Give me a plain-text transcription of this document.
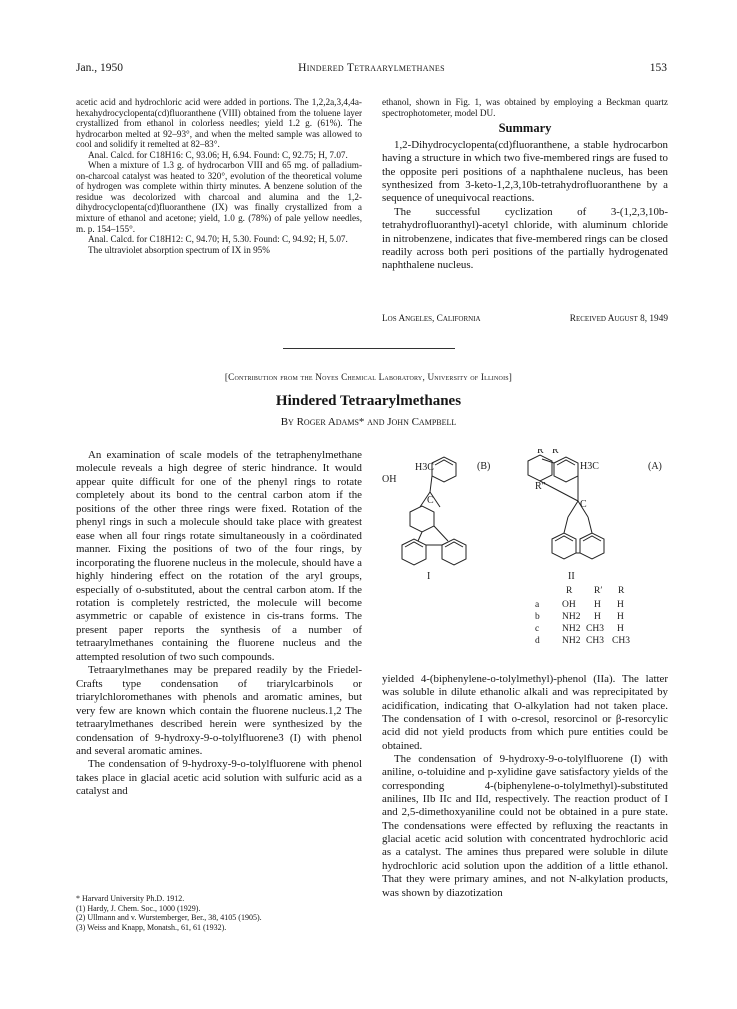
Jan., 1950	Hindered Tetraarylmethanes	153

acetic acid and hydrochloric acid were added in portions. The 1,2,2a,3,4,4a-hexahydrocyclopenta(cd)fluoranthene (VIII) obtained from the toluene layer crystallized from ethanol in colorless needles; yield 1.2 g. (61%). The hydrocarbon melted at 92–93°, and when the melted sample was allowed to cool and solidify it remelted at 82–83°.

Anal. Calcd. for C18H16: C, 93.06; H, 6.94. Found: C, 92.75; H, 7.07.

When a mixture of 1.3 g. of hydrocarbon VIII and 65 mg. of palladium-on-charcoal catalyst was heated to 320°, evolution of the theoretical volume of hydrogen was complete within thirty minutes. A benzene solution of the residue was decolorized with charcoal and alumina and the 1,2-dihydrocyclopenta(cd)fluoranthene (IX) was finally crystallized from a mixture of ethanol and acetone; yield, 1.0 g. (78%) of pale yellow needles, m. p. 154–155°.

Anal. Calcd. for C18H12: C, 94.70; H, 5.30. Found: C, 94.92; H, 5.07.

The ultraviolet absorption spectrum of IX in 95%

ethanol, shown in Fig. 1, was obtained by employing a Beckman quartz spectrophotometer, model DU.

Summary

1,2-Dihydrocyclopenta(cd)fluoranthene, a stable hydrocarbon having a structure in which two five-membered rings are fused to the opposite peri positions of a naphthalene nucleus, has been synthesized from 3-keto-1,2,3,10b-tetrahydrofluoranthene by a sequence of unequivocal reactions.

The successful cyclization of 3-(1,2,3,10b-tetrahydrofluoranthyl)-acetyl chloride, with aluminum chloride in nitrobenzene, indicates that five-membered rings can be closed readily across both peri positions of the partially hydrogenated naphthalene nucleus.

Los Angeles, California	Received August 8, 1949
[Contribution from the Noyes Chemical Laboratory, University of Illinois]
Hindered Tetraarylmethanes
By Roger Adams* and John Campbell

An examination of scale models of the tetraphenylmethane molecule reveals a high degree of steric hindrance. It would appear quite difficult for one of the phenyl rings to rotate completely about its bond to the central carbon atom if the positions of the other three rings were fixed. Rotation of the phenyl rings in such a molecule should take place with greatest ease when all four rings rotate simultaneously in a coördinated manner. Fixing the positions of two of the four rings, by incorporating the fluorene nucleus in the molecule, should have a highly hindering effect on the rotation of the aryl groups, especially of o-substituted, about the central carbon atom. If the rotation is completely restricted, the molecule will become asymmetric or capable of existence in cis-trans forms. The present paper reports the synthesis of a number of tetraarylmethanes containing the fluorene nucleus and the attempted resolution of two such compounds.

Tetraarylmethanes may be prepared readily by the Friedel-Crafts type condensation of triarylcarbinols or triarylchloromethanes with phenols and aromatic amines, but very few are known which contain the fluorene nucleus.1,2 The tetraarylmethanes described herein were synthesized by the condensation of 9-hydroxy-9-o-tolylfluorene3 (I) with phenol and several aromatic amines.

The condensation of 9-hydroxy-9-o-tolylfluorene with phenol takes place in glacial acetic acid solution with sulfuric acid as a catalyst and

* Harvard University Ph.D. 1912.

(1) Hardy, J. Chem. Soc., 1000 (1929).

(2) Ullmann and v. Wurstemberger, Ber., 38, 4105 (1905).

(3) Weiss and Knapp, Monatsh., 61, 61 (1932).

OH
H3C
C
(B)
I
R R′
R″
H3C
C
(A)
II
R R′ R
a OH H H
b NH2 H H
c NH2 CH3 H
d NH2 CH3 CH3

yielded 4-(biphenylene-o-tolylmethyl)-phenol (IIa). The latter was soluble in dilute ethanolic alkali and was reprecipitated by acidification, indicating that O-alkylation had not taken place. The condensation of I with o-cresol, resorcinol or β-resorcylic acid did not yield products from which pure entities could be obtained.

The condensation of 9-hydroxy-9-o-tolylfluorene (I) with aniline, o-toluidine and p-xylidine gave satisfactory yields of the corresponding 4-(biphenylene-o-tolylmethyl)-substituted anilines, IIb IIc and IId, respectively. The reaction product of I and 2,5-dimethoxyaniline could not be obtained in a pure state. The condensations were effected by refluxing the reactants in glacial acetic acid solution with concentrated hydrochloric acid as a catalyst. The amines thus prepared were soluble in dilute hydrochloric acid solution upon the addition of a little ethanol. That they were primary amines, and not N-alkylation products, was shown by diazotization
